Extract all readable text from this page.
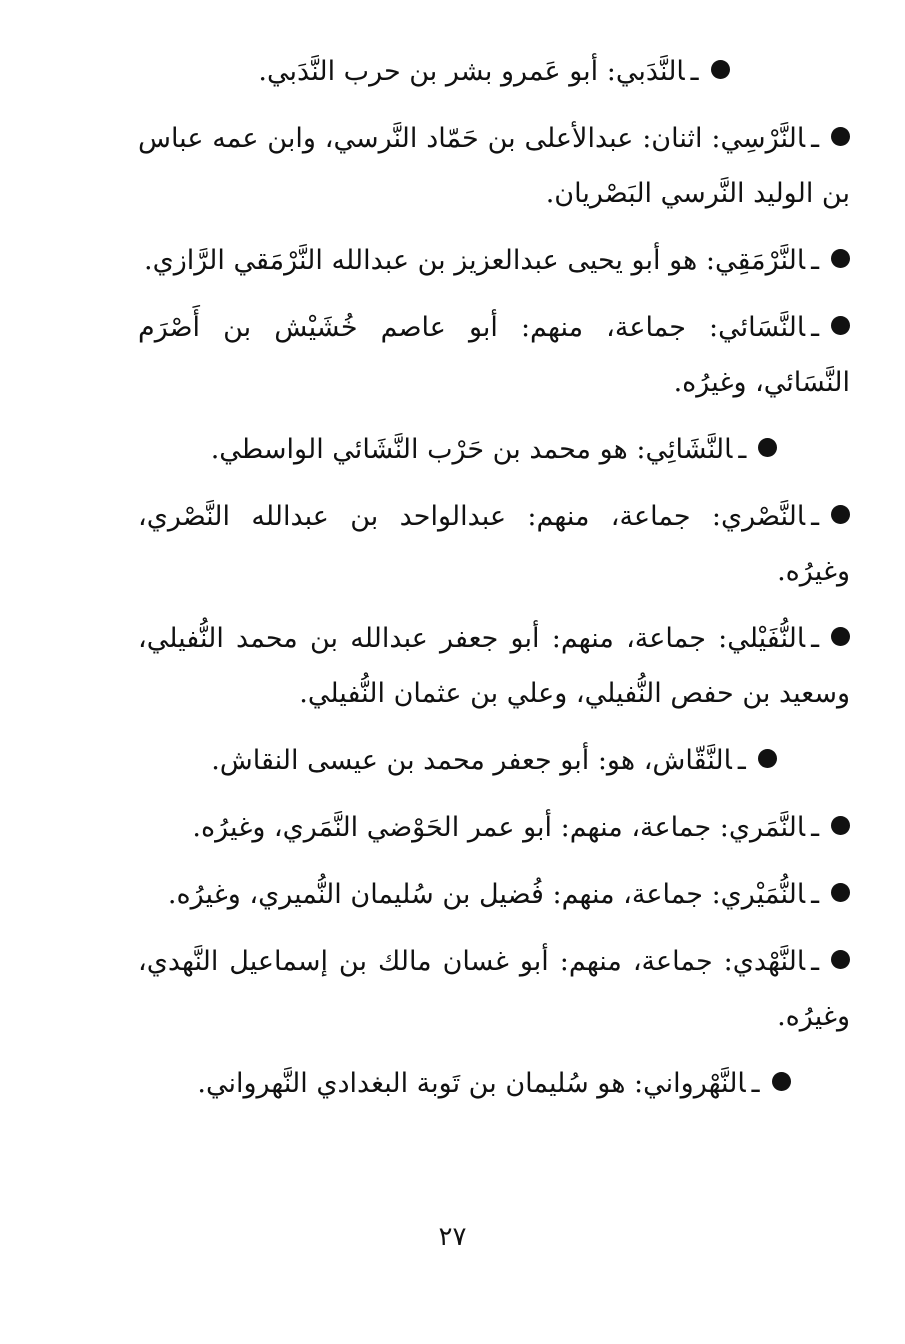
ـالنَّدَبي: أبو عَمرو بشر بن حرب النَّدَبي.

ـالنَّرْسِي: اثنان: عبدالأعلى بن حَمّاد النَّرسي، وابن عمه عباس بن الوليد النَّرسي البَصْريان.

ـالنَّرْمَقِي: هو أبو يحيى عبدالعزيز بن عبدالله النَّرْمَقي الرَّازي.

ـالنَّسَائي: جماعة، منهم: أبو عاصم خُشَيْش بن أَصْرَم النَّسَائي، وغيرُه.

ـالنَّشَائِي: هو محمد بن حَرْب النَّشَائي الواسطي.

ـالنَّصْري: جماعة، منهم: عبدالواحد بن عبدالله النَّصْري، وغيرُه.

ـالنُّفَيْلي: جماعة، منهم: أبو جعفر عبدالله بن محمد النُّفيلي، وسعيد بن حفص النُّفيلي، وعلي بن عثمان النُّفيلي.

ـالنَّقّاش، هو: أبو جعفر محمد بن عيسى النقاش.

ـالنَّمَري: جماعة، منهم: أبو عمر الحَوْضي النَّمَري، وغيرُه.

ـالنُّمَيْري: جماعة، منهم: فُضيل بن سُليمان النُّميري، وغيرُه.

ـالنَّهْدي: جماعة، منهم: أبو غسان مالك بن إسماعيل النَّهدي، وغيرُه.

ـالنَّهْرواني: هو سُليمان بن تَوبة البغدادي النَّهرواني.

٢٧
